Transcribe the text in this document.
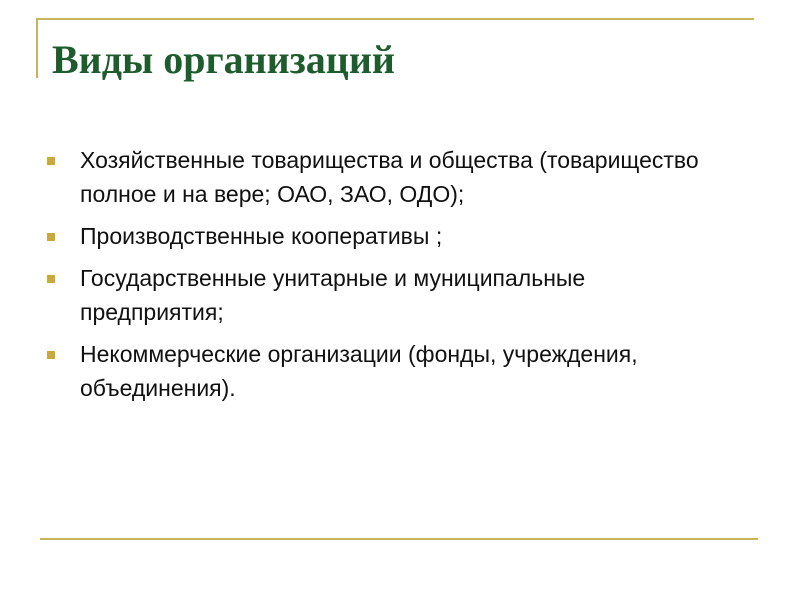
Виды организаций
Хозяйственные товарищества и общества (товарищество полное и на вере; ОАО, ЗАО, ОДО);
Производственные кооперативы ;
Государственные унитарные и муниципальные предприятия;
Некоммерческие организации (фонды, учреждения, объединения).
